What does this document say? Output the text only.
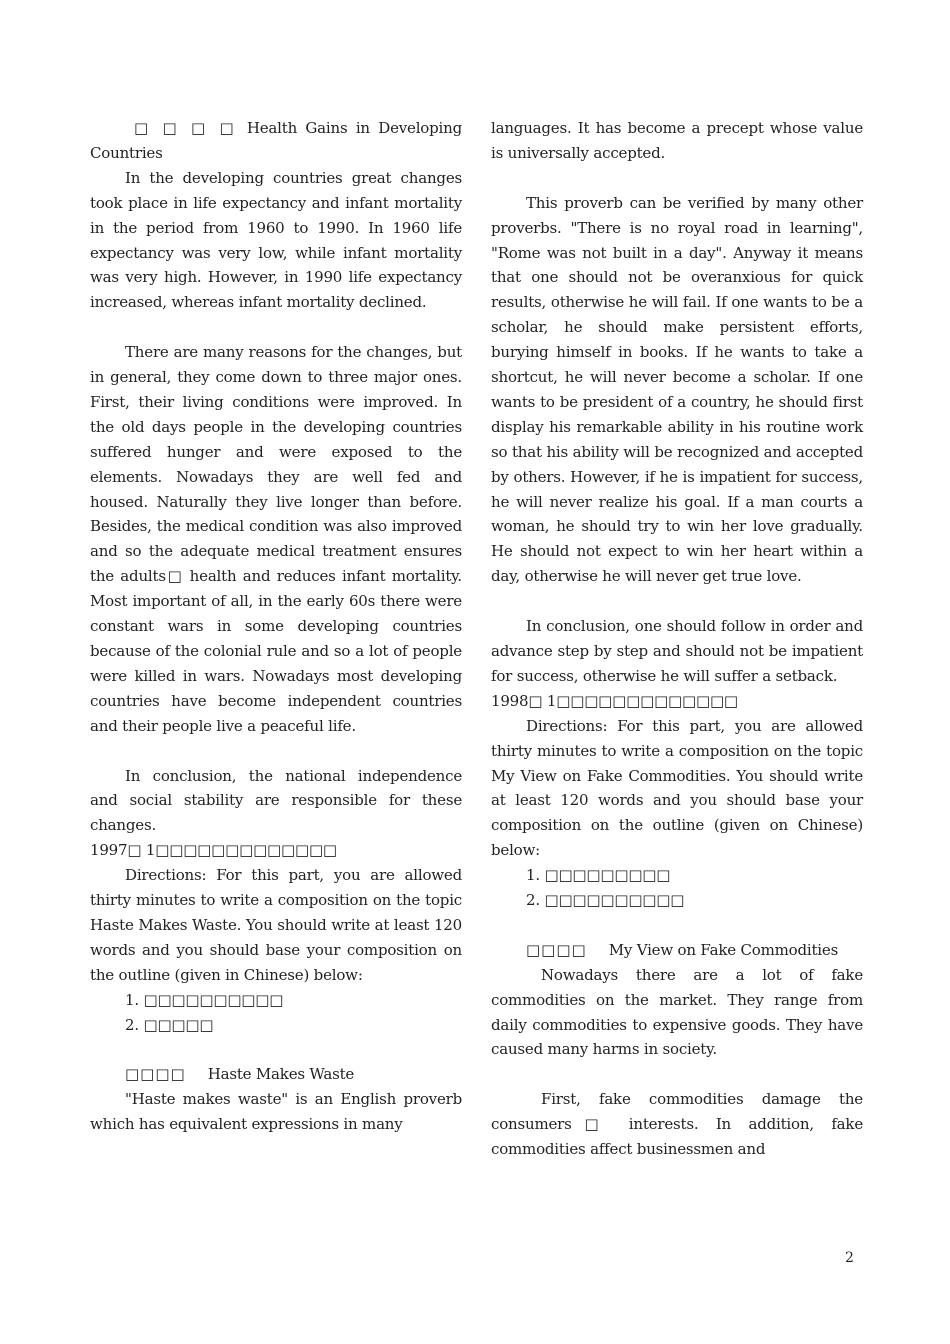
□ □ □ □ Health Gains in Developing Countries

In the developing countries great changes took place in life expectancy and infant mortality in the period from 1960 to 1990. In 1960 life expectancy was very low, while infant mortality was very high. However, in 1990 life expectancy increased, whereas infant mortality declined.

There are many reasons for the changes, but in general, they come down to three major ones. First, their living conditions were improved. In the old days people in the developing countries suffered hunger and were exposed to the elements. Nowadays they are well fed and housed. Naturally they live longer than before. Besides, the medical condition was also improved and so the adequate medical treatment ensures the adults□ health and reduces infant mortality. Most important of all, in the early 60s there were constant wars in some developing countries because of the colonial rule and so a lot of people were killed in wars. Nowadays most developing countries have become independent countries and their people live a peaceful life.

In conclusion, the national independence and social stability are responsible for these changes.

1997□ 1□□□□□□□□□□□□□

Directions: For this part, you are allowed thirty minutes to write a composition on the topic Haste Makes Waste. You should write at least 120 words and you should base your composition on the outline (given in Chinese) below:

1. □□□□□□□□□□

2. □□□□□

□□□□ Haste Makes Waste

"Haste makes waste" is an English proverb which has equivalent expressions in many

languages. It has become a precept whose value is universally accepted.

This proverb can be verified by many other proverbs. "There is no royal road in learning", "Rome was not built in a day". Anyway it means that one should not be overanxious for quick results, otherwise he will fail. If one wants to be a scholar, he should make persistent efforts, burying himself in books. If he wants to take a shortcut, he will never become a scholar. If one wants to be president of a country, he should first display his remarkable ability in his routine work so that his ability will be recognized and accepted by others. However, if he is impatient for success, he will never realize his goal. If a man courts a woman, he should try to win her love gradually. He should not expect to win her heart within a day, otherwise he will never get true love.

In conclusion, one should follow in order and advance step by step and should not be impatient for success, otherwise he will suffer a setback.

1998□ 1□□□□□□□□□□□□□

Directions: For this part, you are allowed thirty minutes to write a composition on the topic My View on Fake Commodities. You should write at least 120 words and you should base your composition on the outline (given on Chinese) below:

1. □□□□□□□□□

2. □□□□□□□□□□

□□□□ My View on Fake Commodities

Nowadays there are a lot of fake commodities on the market. They range from daily commodities to expensive goods. They have caused many harms in society.

First, fake commodities damage the consumers□ interests. In addition, fake commodities affect businessmen and

2
